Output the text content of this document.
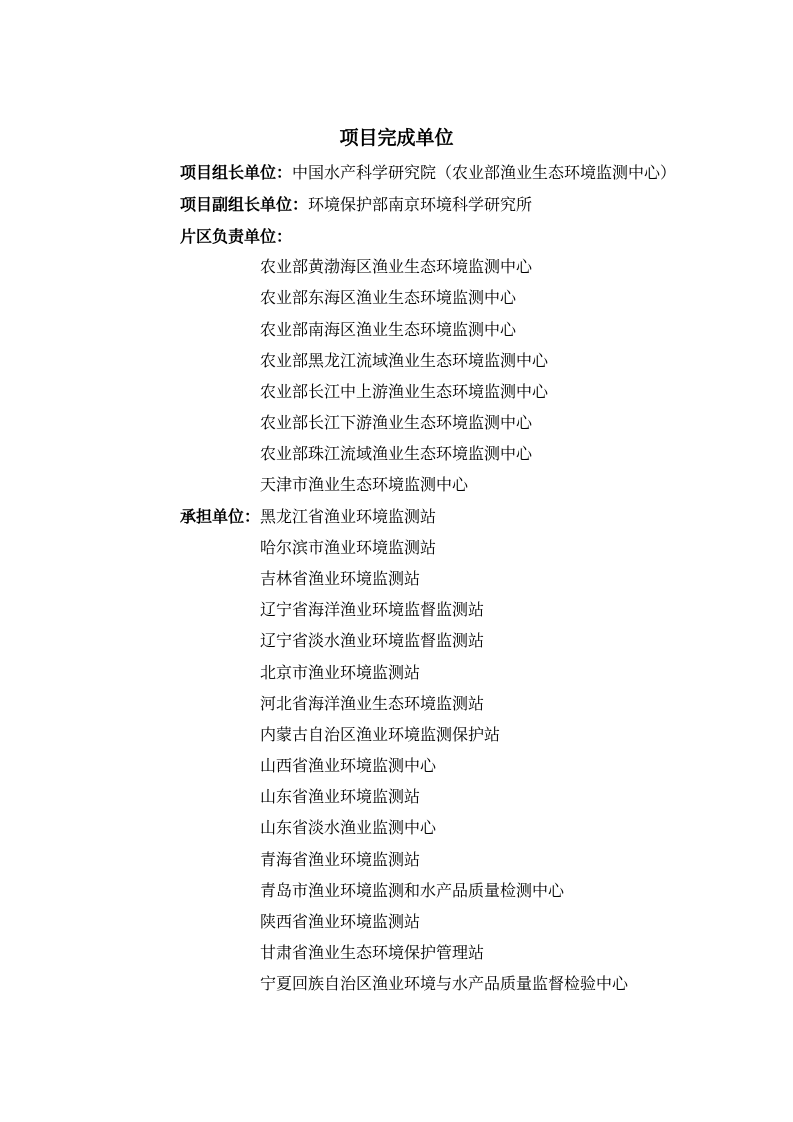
项目完成单位
项目组长单位：中国水产科学研究院（农业部渔业生态环境监测中心）
项目副组长单位：环境保护部南京环境科学研究所
片区负责单位：
农业部黄渤海区渔业生态环境监测中心
农业部东海区渔业生态环境监测中心
农业部南海区渔业生态环境监测中心
农业部黑龙江流域渔业生态环境监测中心
农业部长江中上游渔业生态环境监测中心
农业部长江下游渔业生态环境监测中心
农业部珠江流域渔业生态环境监测中心
天津市渔业生态环境监测中心
承担单位： 黑龙江省渔业环境监测站
哈尔滨市渔业环境监测站
吉林省渔业环境监测站
辽宁省海洋渔业环境监督监测站
辽宁省淡水渔业环境监督监测站
北京市渔业环境监测站
河北省海洋渔业生态环境监测站
内蒙古自治区渔业环境监测保护站
山西省渔业环境监测中心
山东省渔业环境监测站
山东省淡水渔业监测中心
青海省渔业环境监测站
青岛市渔业环境监测和水产品质量检测中心
陕西省渔业环境监测站
甘肃省渔业生态环境保护管理站
宁夏回族自治区渔业环境与水产品质量监督检验中心
